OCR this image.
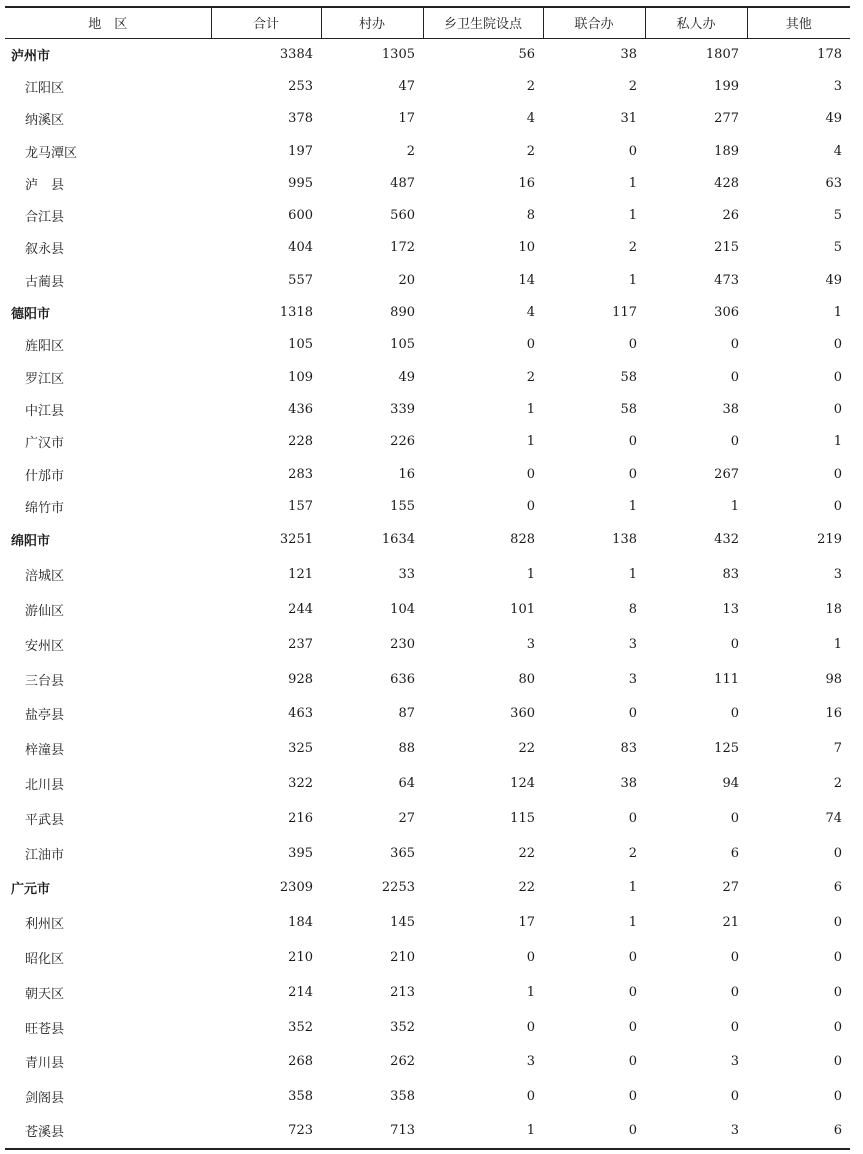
地　区	合计	村办	乡卫生院设点	联合办	私人办	其他
泸州市	3384	1305	56	38	1807	178
江阳区	253	47	2	2	199	3
纳溪区	378	17	4	31	277	49
龙马潭区	197	2	2	0	189	4
泸　县	995	487	16	1	428	63
合江县	600	560	8	1	26	5
叙永县	404	172	10	2	215	5
古蔺县	557	20	14	1	473	49
德阳市	1318	890	4	117	306	1
旌阳区	105	105	0	0	0	0
罗江区	109	49	2	58	0	0
中江县	436	339	1	58	38	0
广汉市	228	226	1	0	0	1
什邡市	283	16	0	0	267	0
绵竹市	157	155	0	1	1	0
绵阳市	3251	1634	828	138	432	219
涪城区	121	33	1	1	83	3
游仙区	244	104	101	8	13	18
安州区	237	230	3	3	0	1
三台县	928	636	80	3	111	98
盐亭县	463	87	360	0	0	16
梓潼县	325	88	22	83	125	7
北川县	322	64	124	38	94	2
平武县	216	27	115	0	0	74
江油市	395	365	22	2	6	0
广元市	2309	2253	22	1	27	6
利州区	184	145	17	1	21	0
昭化区	210	210	0	0	0	0
朝天区	214	213	1	0	0	0
旺苍县	352	352	0	0	0	0
青川县	268	262	3	0	3	0
剑阁县	358	358	0	0	0	0
苍溪县	723	713	1	0	3	6
